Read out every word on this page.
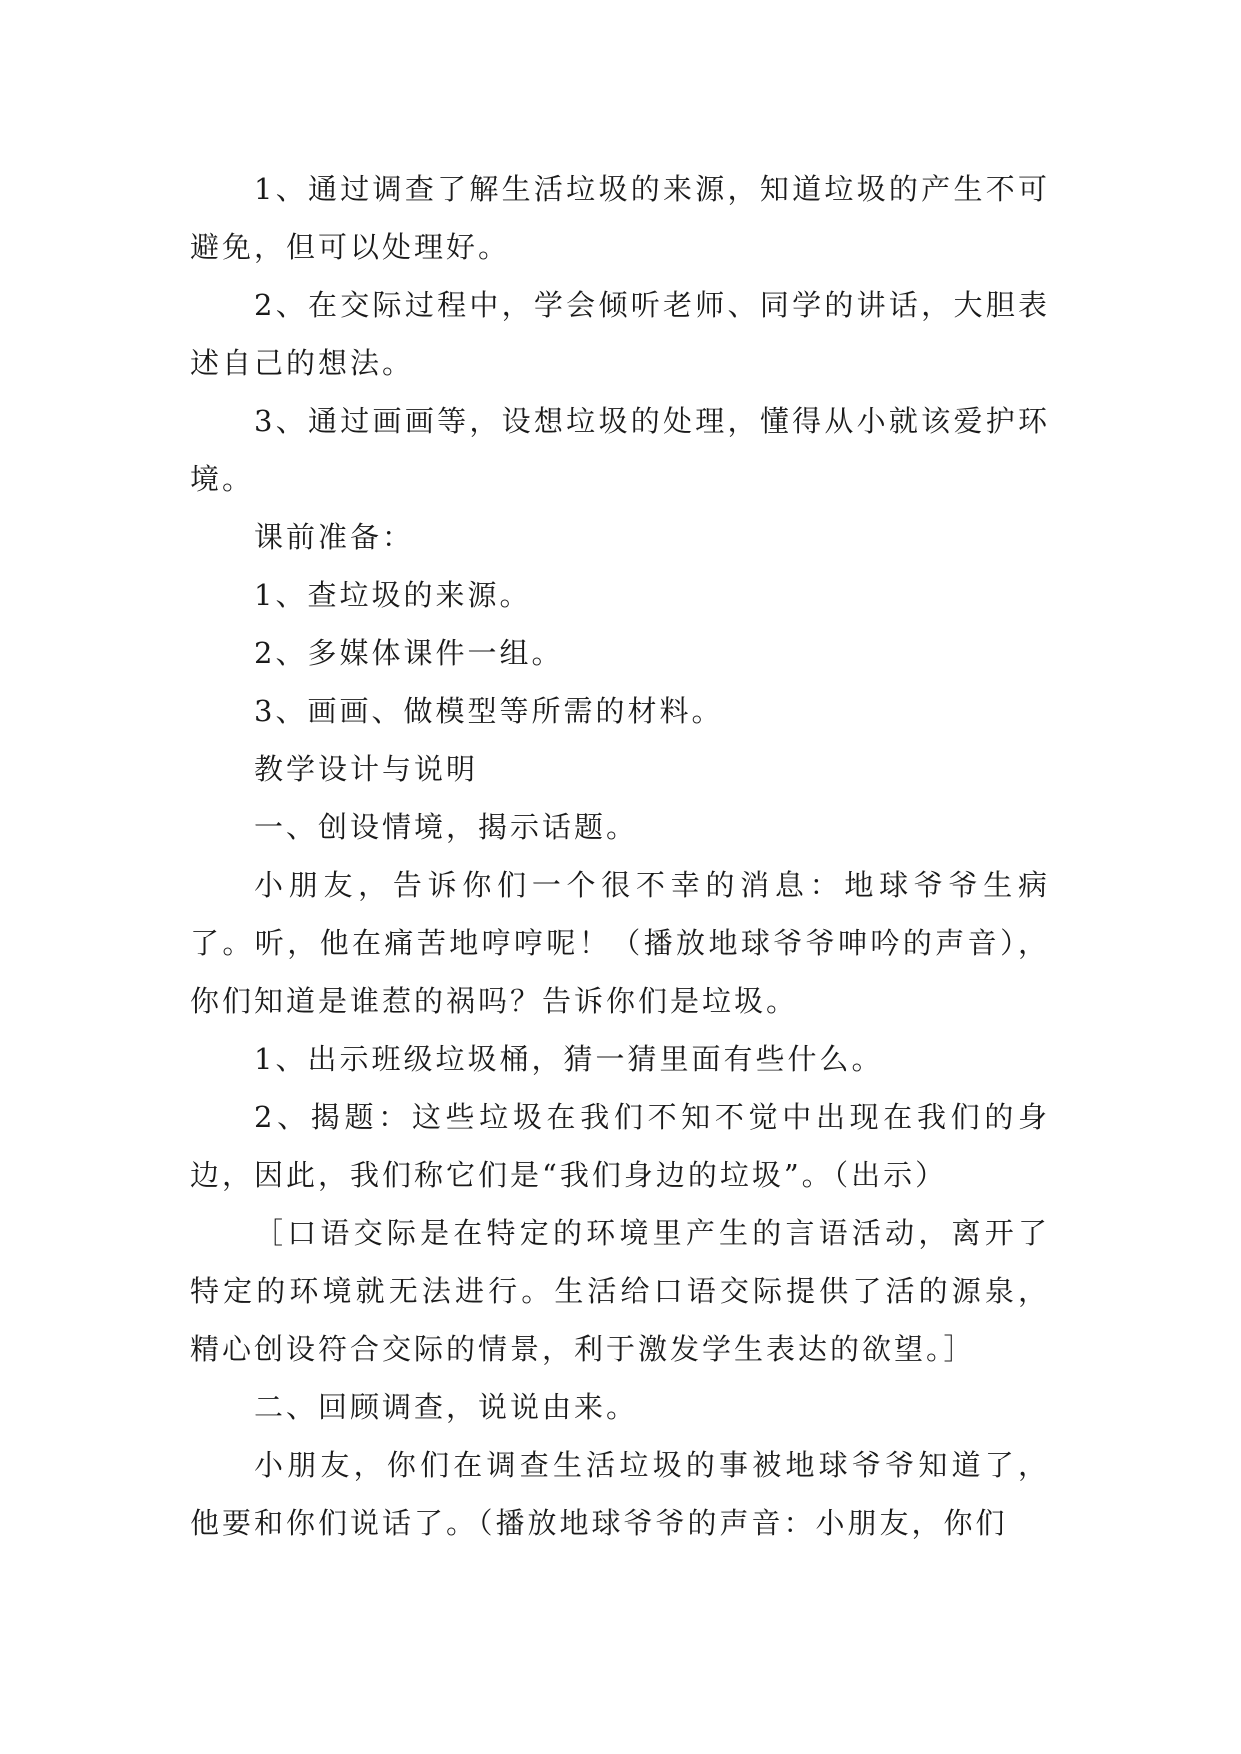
1、通过调查了解生活垃圾的来源，知道垃圾的产生不可避免，但可以处理好。

2、在交际过程中，学会倾听老师、同学的讲话，大胆表述自己的想法。

3、通过画画等，设想垃圾的处理，懂得从小就该爱护环境。

课前准备：

1、查垃圾的来源。

2、多媒体课件一组。

3、画画、做模型等所需的材料。

教学设计与说明

一、创设情境，揭示话题。

小朋友，告诉你们一个很不幸的消息：地球爷爷生病了。听，他在痛苦地哼哼呢！（播放地球爷爷呻吟的声音），你们知道是谁惹的祸吗？告诉你们是垃圾。

1、出示班级垃圾桶，猜一猜里面有些什么。

2、揭题：这些垃圾在我们不知不觉中出现在我们的身边，因此，我们称它们是“我们身边的垃圾”。（出示）

［口语交际是在特定的环境里产生的言语活动，离开了特定的环境就无法进行。生活给口语交际提供了活的源泉，精心创设符合交际的情景，利于激发学生表达的欲望。］

二、回顾调查，说说由来。

小朋友，你们在调查生活垃圾的事被地球爷爷知道了，他要和你们说话了。（播放地球爷爷的声音：小朋友，你们
